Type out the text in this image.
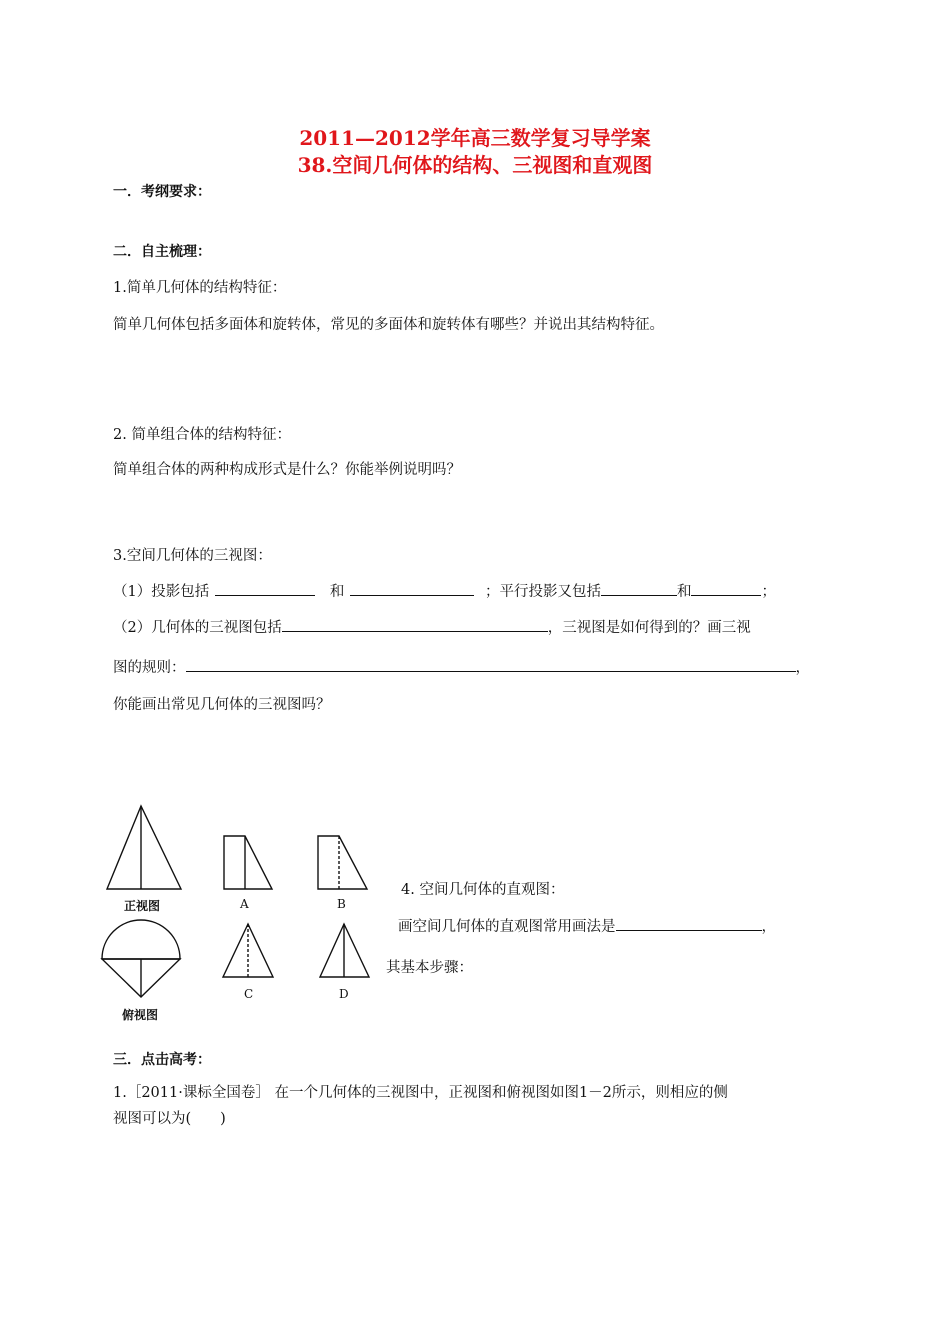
2011—2012学年高三数学复习导学案
38.空间几何体的结构、三视图和直观图
一．考纲要求：
二．自主梳理：
1.简单几何体的结构特征：
简单几何体包括多面体和旋转体，常见的多面体和旋转体有哪些？并说出其结构特征。
2. 简单组合体的结构特征：
简单组合体的两种构成形式是什么？你能举例说明吗？
3.空间几何体的三视图：
（1）投影包括	和	；平行投影又包括	和	；
（2）几何体的三视图包括	，三视图是如何得到的？画三视
图的规则：	，
你能画出常见几何体的三视图吗？
正视图	A	B
俯视图
C	D
4. 空间几何体的直观图：
画空间几何体的直观图常用画法是	，
其基本步骤：
三．点击高考：
1.［2011·课标全国卷］ 在一个几何体的三视图中，正视图和俯视图如图1－2所示，则相应的侧
视图可以为(　　)
